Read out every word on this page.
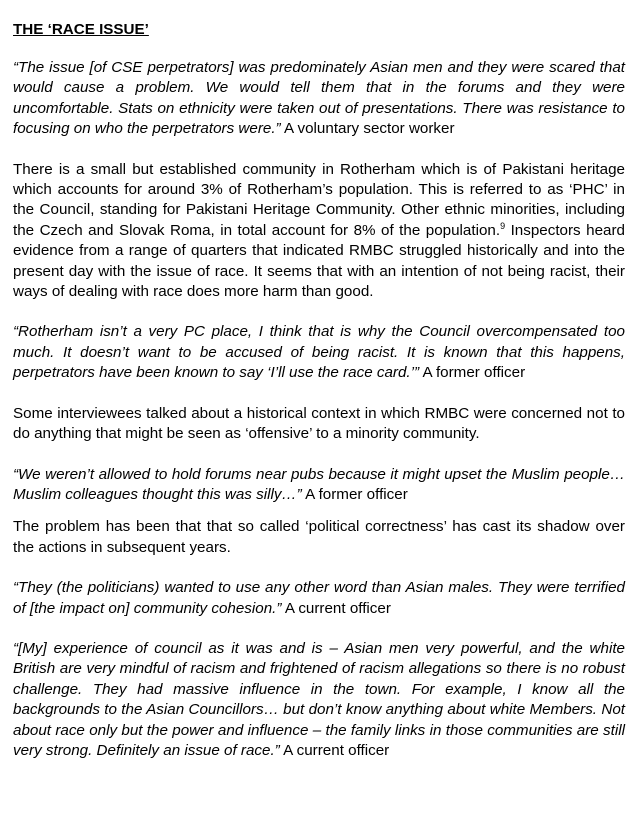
THE ‘RACE ISSUE’

“The issue [of CSE perpetrators] was predominately Asian men and they were scared that would cause a problem. We would tell them that in the forums and they were uncomfortable. Stats on ethnicity were taken out of presentations. There was resistance to focusing on who the perpetrators were.” A voluntary sector worker

There is a small but established community in Rotherham which is of Pakistani heritage which accounts for around 3% of Rotherham’s population. This is referred to as ‘PHC’ in the Council, standing for Pakistani Heritage Community. Other ethnic minorities, including the Czech and Slovak Roma, in total account for 8% of the population.$^9$ Inspectors heard evidence from a range of quarters that indicated RMBC struggled historically and into the present day with the issue of race. It seems that with an intention of not being racist, their ways of dealing with race does more harm than good.

“Rotherham isn’t a very PC place, I think that is why the Council overcompensated too much. It doesn’t want to be accused of being racist. It is known that this happens, perpetrators have been known to say ‘I’ll use the race card.’” A former officer

Some interviewees talked about a historical context in which RMBC were concerned not to do anything that might be seen as ‘offensive’ to a minority community.

“We weren’t allowed to hold forums near pubs because it might upset the Muslim people…Muslim colleagues thought this was silly…” A former officer

The problem has been that that so called ‘political correctness’ has cast its shadow over the actions in subsequent years.

“They (the politicians) wanted to use any other word than Asian males. They were terrified of [the impact on] community cohesion.” A current officer

“[My] experience of council as it was and is – Asian men very powerful, and the white British are very mindful of racism and frightened of racism allegations so there is no robust challenge. They had massive influence in the town. For example, I know all the backgrounds to the Asian Councillors… but don’t know anything about white Members. Not about race only but the power and influence – the family links in those communities are still very strong. Definitely an issue of race.” A current officer
